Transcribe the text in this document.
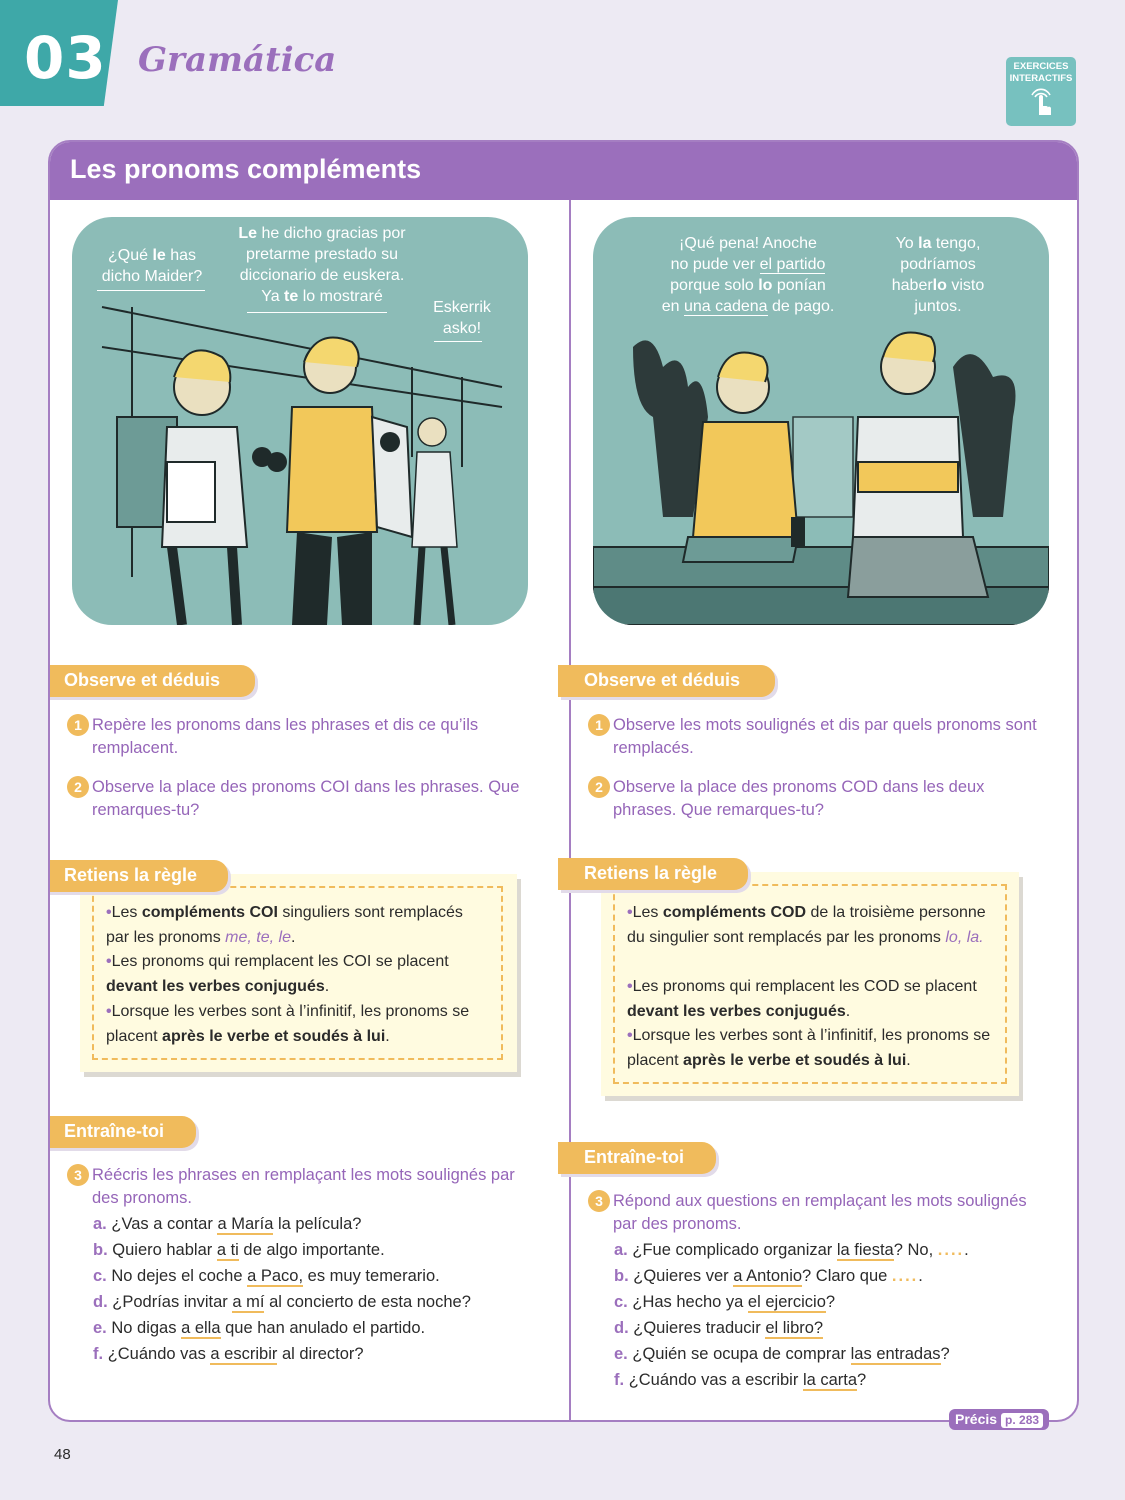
03 Gramática	EXERCICES
INTERACTIFS
Les pronoms compléments
¿Qué le has
dicho Maider?
Le he dicho gracias por
pretarme prestado su
diccionario de euskera.
Ya te lo mostraré
Eskerrik
asko!
¡Qué pena! Anoche
no pude ver el partido
porque solo lo ponían
en una cadena de pago.
Yo la tengo,
podríamos
haberlo visto
juntos.
Observe et déduis
1 Repère les pronoms dans les phrases et dis ce qu’ils remplacent.
2 Observe la place des pronoms COI dans les phrases. Que remarques-tu?
Retiens la règle
•Les compléments COI singuliers sont remplacés par les pronoms me, te, le.
•Les pronoms qui remplacent les COI se placent devant les verbes conjugués.
•Lorsque les verbes sont à l’infinitif, les pronoms se placent après le verbe et soudés à lui.
Entraîne-toi
3 Réécris les phrases en remplaçant les mots soulignés par des pronoms.
a. ¿Vas a contar a María la película?
b. Quiero hablar a ti de algo importante.
c. No dejes el coche a Paco, es muy temerario.
d. ¿Podrías invitar a mí al concierto de esta noche?
e. No digas a ella que han anulado el partido.
f. ¿Cuándo vas a escribir al director?
Observe et déduis
1 Observe les mots soulignés et dis par quels pronoms sont remplacés.
2 Observe la place des pronoms COD dans les deux phrases. Que remarques-tu?
Retiens la règle
•Les compléments COD de la troisième personne du singulier sont remplacés par les pronoms lo, la.
•Les pronoms qui remplacent les COD se placent devant les verbes conjugués.
•Lorsque les verbes sont à l’infinitif, les pronoms se placent après le verbe et soudés à lui.
Entraîne-toi
3 Répond aux questions en remplaçant les mots soulignés par des pronoms.
a. ¿Fue complicado organizar la fiesta? No, .....
b. ¿Quieres ver a Antonio? Claro que .....
c. ¿Has hecho ya el ejercicio?
d. ¿Quieres traducir el libro?
e. ¿Quién se ocupa de comprar las entradas?
f. ¿Cuándo vas a escribir la carta?
Précis p. 283
48
